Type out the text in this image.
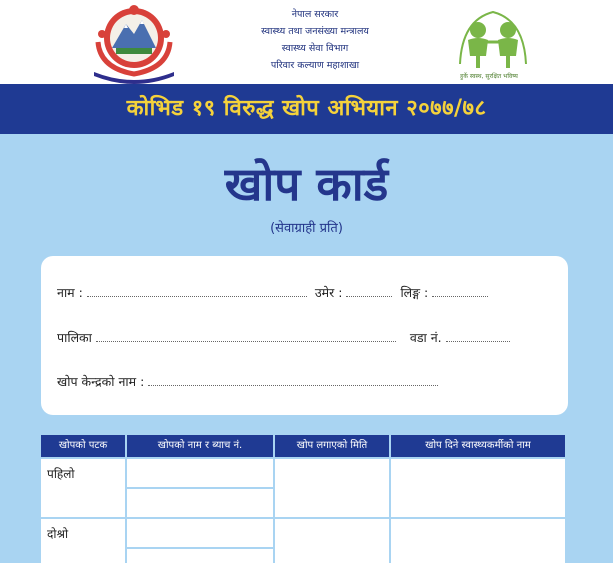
नेपाल सरकार
स्वास्थ्य तथा जनसंख्या मन्त्रालय
स्वास्थ्य सेवा विभाग
परिवार कल्याण महाशाखा
हुर्के स्वस्थ, सुरक्षित भविष्य
कोभिड १९ विरुद्ध खोप अभियान २०७७/७८
खोप कार्ड
(सेवाग्राही प्रति)
नाम :	उमेर :	लिङ्ग :
पालिका	वडा नं.
खोप केन्द्रको नाम :
खोपको पटक	खोपको नाम र ब्याच नं.	खोप लगाएको मिति	खोप दिने स्वास्थ्यकर्मीको नाम
पहिलो	

दोश्रो	
